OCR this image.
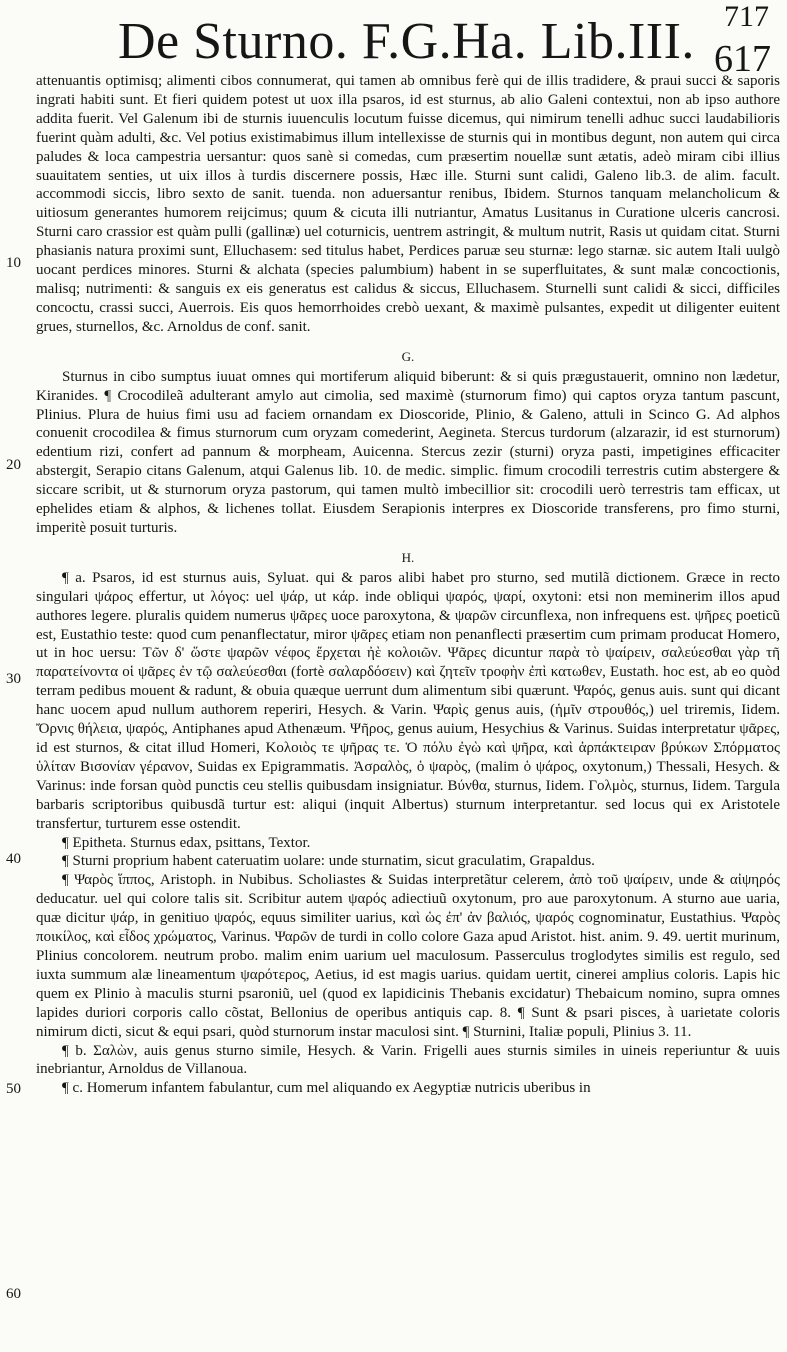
717
De Sturno. F.G.Ha. Lib.III. 617
10
20
30
40
50
60

attenuantis optimisq; alimenti cibos connumerat, qui tamen ab omnibus ferè qui de illis tradidere, & praui succi & saporis ingrati habiti sunt. Et fieri quidem potest ut uox illa psaros, id est sturnus, ab alio Galeni contextui, non ab ipso authore addita fuerit. Vel Galenum ibi de sturnis iuuenculis locutum fuisse dicemus, qui nimirum tenelli adhuc succi laudabilioris fuerint quàm adulti, &c. Vel potius existimabimus illum intellexisse de sturnis qui in montibus degunt, non autem qui circa paludes & loca campestria uersantur: quos sanè si comedas, cum præsertim nouellæ sunt ætatis, adeò miram cibi illius suauitatem senties, ut uix illos à turdis discernere possis, Hæc ille. Sturni sunt calidi, Galeno lib.3. de alim. facult. accommodi siccis, libro sexto de sanit. tuenda. non aduersantur renibus, Ibidem. Sturnos tanquam melancholicum & uitiosum generantes humorem reijcimus; quum & cicuta illi nutriantur, Amatus Lusitanus in Curatione ulceris cancrosi. Sturni caro crassior est quàm pulli (gallinæ) uel coturnicis, uentrem astringit, & multum nutrit, Rasis ut quidam citat. Sturni phasianis natura proximi sunt, Elluchasem: sed titulus habet, Perdices paruæ seu sturnæ: lego starnæ. sic autem Itali uulgò uocant perdices minores. Sturni & alchata (species palumbium) habent in se superfluitates, & sunt malæ concoctionis, malisq; nutrimenti: & sanguis ex eis generatus est calidus & siccus, Elluchasem. Sturnelli sunt calidi & sicci, difficiles concoctu, crassi succi, Auerrois. Eis quos hemorrhoides crebò uexant, & maximè pulsantes, expedit ut diligenter euitent grues, sturnellos, &c. Arnoldus de conf. sanit.

G.

Sturnus in cibo sumptus iuuat omnes qui mortiferum aliquid biberunt: & si quis prægustauerit, omnino non lædetur, Kiranides. ¶ Crocodileã adulterant amylo aut cimolia, sed maximè (sturnorum fimo) qui captos oryza tantum pascunt, Plinius. Plura de huius fimi usu ad faciem ornandam ex Dioscoride, Plinio, & Galeno, attuli in Scinco G. Ad alphos conuenit crocodilea & fimus sturnorum cum oryzam comederint, Aegineta. Stercus turdorum (alzarazir, id est sturnorum) edentium rizi, confert ad pannum & morpheam, Auicenna. Stercus zezir (sturni) oryza pasti, impetigines efficaciter abstergit, Serapio citans Galenum, atqui Galenus lib. 10. de medic. simplic. fimum crocodili terrestris cutim abstergere & siccare scribit, ut & sturnorum oryza pastorum, qui tamen multò imbecillior sit: crocodili uerò terrestris tam efficax, ut ephelides etiam & alphos, & lichenes tollat. Eiusdem Serapionis interpres ex Dioscoride transferens, pro fimo sturni, imperitè posuit turturis.

H.

¶ a. Psaros, id est sturnus auis, Syluat. qui & paros alibi habet pro sturno, sed mutilã dictionem. Græce in recto singulari ψάρος effertur, ut λόγος: uel ψάρ, ut κάρ. inde obliqui ψαρός, ψαρί, oxytoni: etsi non meminerim illos apud authores legere. pluralis quidem numerus ψᾶρες uoce paroxytona, & ψαρῶν circunflexa, non infrequens est. ψῆρες poeticũ est, Eustathio teste: quod cum penanflectatur, miror ψᾶρες etiam non penanflecti præsertim cum primam producat Homero, ut in hoc uersu: Τῶν δ' ὥστε ψαρῶν νέφος ἔρχεται ἠὲ κολοιῶν. Ψᾶρες dicuntur παρὰ τὸ ψαίρειν, σαλεύεσθαι γὰρ τῆ παρατείνοντα οἱ ψᾶρες ἐν τῷ σαλεύεσθαι (fortè σαλαρδόσειν) καὶ ζητεῖν τροφὴν ἐπὶ κατωθεν, Eustath. hoc est, ab eo quòd terram pedibus mouent & radunt, & obuia quæque uerrunt dum alimentum sibi quærunt. Ψαρός, genus auis. sunt qui dicant hanc uocem apud nullum authorem reperiri, Hesych. & Varin. Ψαρὶς genus auis, (ἡμῖν στρουθός,) uel triremis, Iidem. Ὄρνις θήλεια, ψαρός, Antiphanes apud Athenæum. Ψῆρος, genus auium, Hesychius & Varinus. Suidas interpretatur ψᾶρες, id est sturnos, & citat illud Homeri, Κολοιὸς τε ψῆρας τε. Ὁ πόλυ ἐγὼ καὶ ψῆρα, καὶ ἀρπάκτειραν βρύκων Σπόρματος ὑλίταν Βισονίαν γέρανον, Suidas ex Epigrammatis. Ἀσραλὸς, ὁ ψαρὸς, (malim ὁ ψάρος, oxytonum,) Thessali, Hesych. & Varinus: inde forsan quòd punctis ceu stellis quibusdam insigniatur. Βύνθα, sturnus, Iidem. Γολμὸς, sturnus, Iidem. Targula barbaris scriptoribus quibusdã turtur est: aliqui (inquit Albertus) sturnum interpretantur. sed locus qui ex Aristotele transfertur, turturem esse ostendit.

¶ Epitheta. Sturnus edax, psittans, Textor.

¶ Sturni proprium habent cateruatim uolare: unde sturnatim, sicut graculatim, Grapaldus.

¶ Ψαρὸς ἵππος, Aristoph. in Nubibus. Scholiastes & Suidas interpretãtur celerem, ἀπὸ τοῦ ψαίρειν, unde & αἰψηρός deducatur. uel qui colore talis sit. Scribitur autem ψαρός adiectiuũ oxytonum, pro aue paroxytonum. A sturno aue uaria, quæ dicitur ψάρ, in genitiuo ψαρός, equus similiter uarius, καὶ ὡς ἐπ' ἀν βαλιός, ψαρός cognominatur, Eustathius. Ψαρὸς ποικίλος, καὶ εἶδος χρώματος, Varinus. Ψαρῶν de turdi in collo colore Gaza apud Aristot. hist. anim. 9. 49. uertit murinum, Plinius concolorem. neutrum probo. malim enim uarium uel maculosum. Passerculus troglodytes similis est regulo, sed iuxta summum alæ lineamentum ψαρότερος, Aetius, id est magis uarius. quidam uertit, cinerei amplius coloris. Lapis hic quem ex Plinio à maculis sturni psaroniũ, uel (quod ex lapidicinis Thebanis excidatur) Thebaicum nomino, supra omnes lapides duriori corporis callo cõstat, Bellonius de operibus antiquis cap. 8. ¶ Sunt & psari pisces, à uarietate coloris nimirum dicti, sicut & equi psari, quòd sturnorum instar maculosi sint. ¶ Sturnini, Italiæ populi, Plinius 3. 11.

¶ b. Σαλὼν, auis genus sturno simile, Hesych. & Varin. Frigelli aues sturnis similes in uineis reperiuntur & uuis inebriantur, Arnoldus de Villanoua.

¶ c. Homerum infantem fabulantur, cum mel aliquando ex Aegyptiæ nutricis uberibus in
